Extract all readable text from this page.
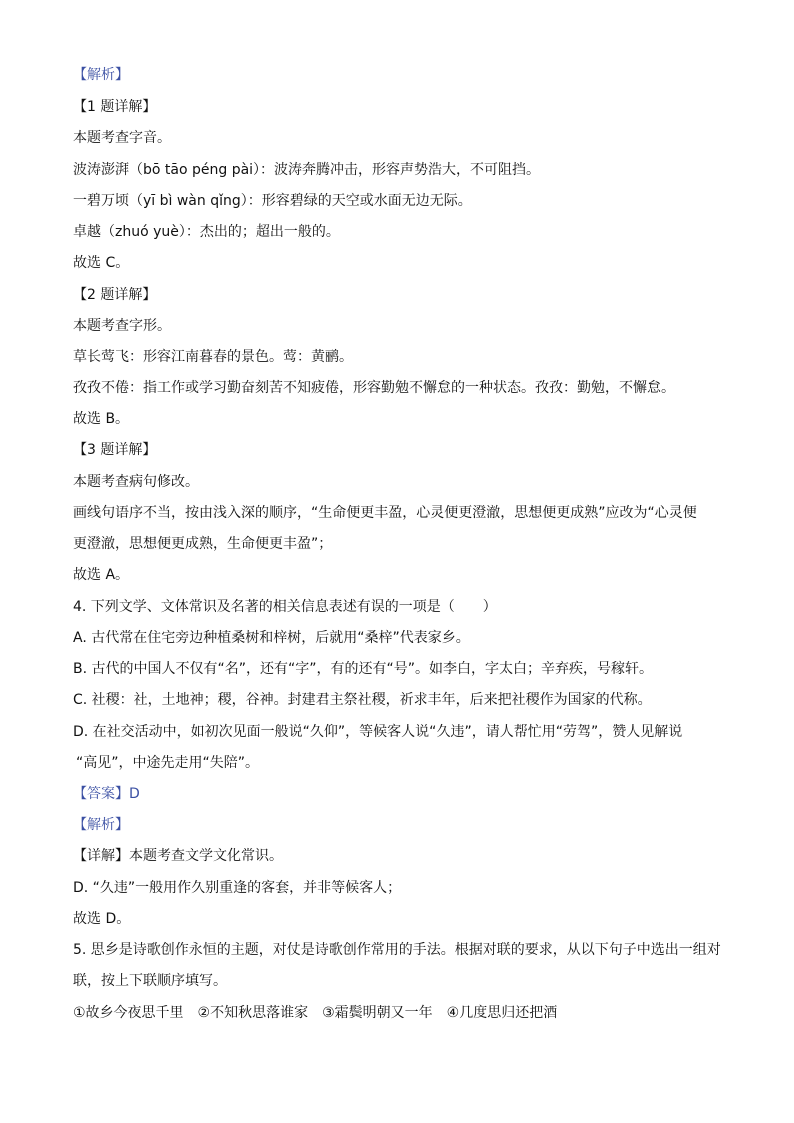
【解析】

【1 题详解】

本题考查字音。

波涛澎湃（bō tāo péng pài）：波涛奔腾冲击，形容声势浩大，不可阻挡。

一碧万顷（yī bì wàn qǐng）：形容碧绿的天空或水面无边无际。

卓越（zhuó yuè）：杰出的；超出一般的。

故选 C。

【2 题详解】

本题考查字形。

草长莺飞：形容江南暮春的景色。莺：黄鹂。

孜孜不倦：指工作或学习勤奋刻苦不知疲倦，形容勤勉不懈怠的一种状态。孜孜：勤勉，不懈怠。

故选 B。

【3 题详解】

本题考查病句修改。

画线句语序不当，按由浅入深的顺序，“生命便更丰盈，心灵便更澄澈，思想便更成熟”应改为“心灵便

更澄澈，思想便更成熟，生命便更丰盈”；

故选 A。

4. 下列文学、文体常识及名著的相关信息表述有误的一项是（　　）

A. 古代常在住宅旁边种植桑树和梓树，后就用“桑梓”代表家乡。

B. 古代的中国人不仅有“名”，还有“字”，有的还有“号”。如李白，字太白；辛弃疾，号稼轩。

C. 社稷：社，土地神；稷，谷神。封建君主祭社稷，祈求丰年，后来把社稷作为国家的代称。

D. 在社交活动中，如初次见面一般说“久仰”，等候客人说“久违”，请人帮忙用“劳驾”，赞人见解说

“高见”，中途先走用“失陪”。

【答案】D

【解析】

【详解】本题考查文学文化常识。

D. “久违”一般用作久别重逢的客套，并非等候客人；

故选 D。

5. 思乡是诗歌创作永恒的主题，对仗是诗歌创作常用的手法。根据对联的要求，从以下句子中选出一组对

联，按上下联顺序填写。

①故乡今夜思千里　②不知秋思落谁家　③霜鬓明朝又一年　④几度思归还把酒
